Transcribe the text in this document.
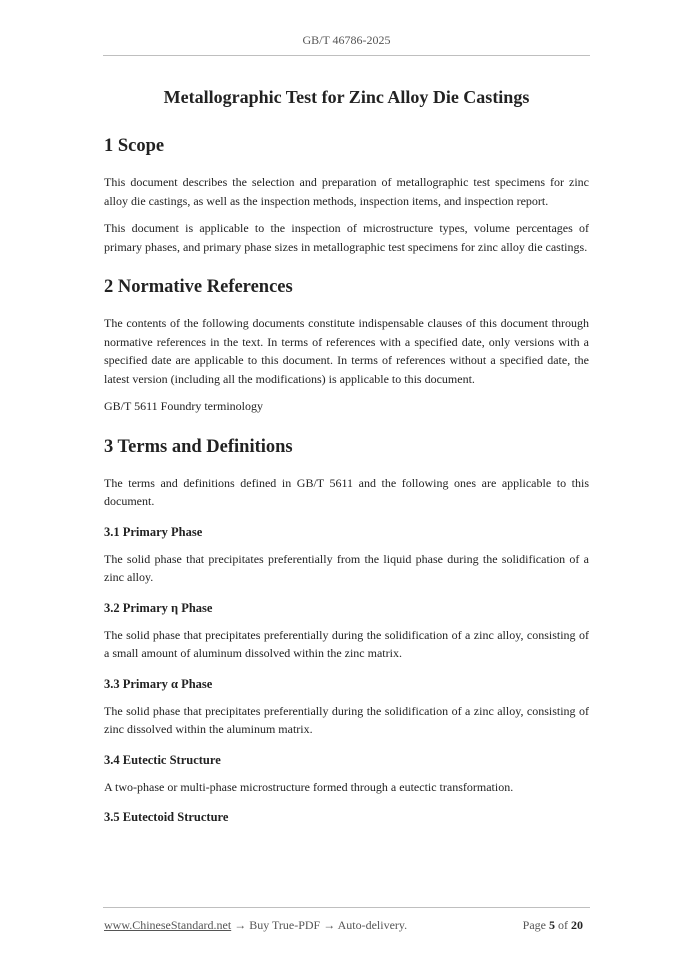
GB/T 46786-2025
Metallographic Test for Zinc Alloy Die Castings
1 Scope

This document describes the selection and preparation of metallographic test specimens for zinc alloy die castings, as well as the inspection methods, inspection items, and inspection report.

This document is applicable to the inspection of microstructure types, volume percentages of primary phases, and primary phase sizes in metallographic test specimens for zinc alloy die castings.

2 Normative References

The contents of the following documents constitute indispensable clauses of this document through normative references in the text. In terms of references with a specified date, only versions with a specified date are applicable to this document. In terms of references without a specified date, the latest version (including all the modifications) is applicable to this document.

GB/T 5611 Foundry terminology

3 Terms and Definitions

The terms and definitions defined in GB/T 5611 and the following ones are applicable to this document.

3.1 Primary Phase

The solid phase that precipitates preferentially from the liquid phase during the solidification of a zinc alloy.

3.2 Primary η Phase

The solid phase that precipitates preferentially during the solidification of a zinc alloy, consisting of a small amount of aluminum dissolved within the zinc matrix.

3.3 Primary α Phase

The solid phase that precipitates preferentially during the solidification of a zinc alloy, consisting of zinc dissolved within the aluminum matrix.

3.4 Eutectic Structure

A two-phase or multi-phase microstructure formed through a eutectic transformation.

3.5 Eutectoid Structure
www.ChineseStandard.net → Buy True-PDF → Auto-delivery.	Page 5 of 20
